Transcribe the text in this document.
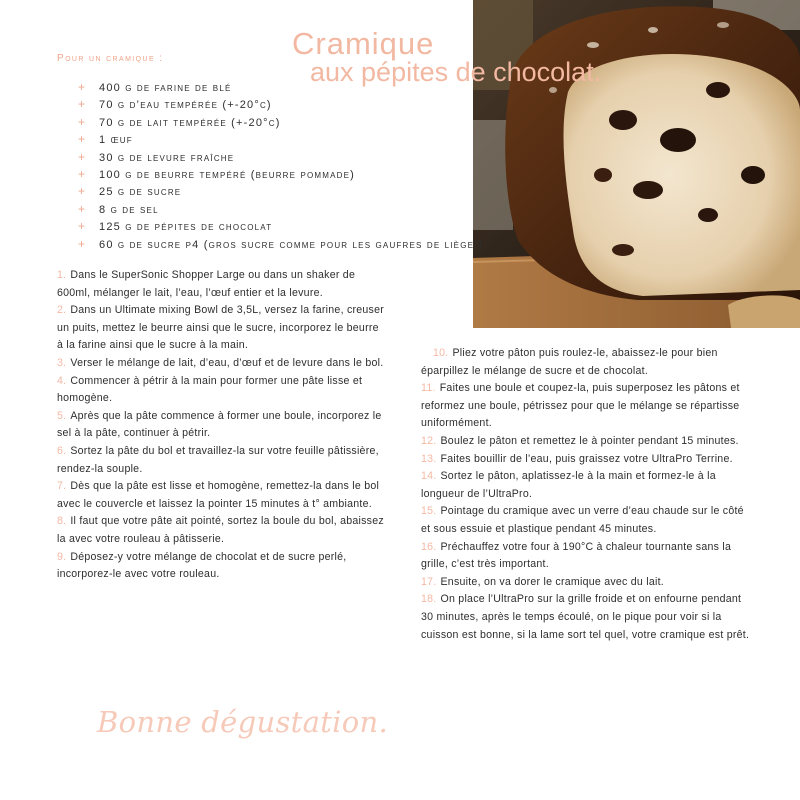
Cramique
aux pépites de chocolat.
Pour un cramique :
+ 400 g de farine de blé
+ 70 g d’eau tempérée (+-20°c)
+ 70 g de lait tempérée (+-20°c)
+ 1 œuf
+ 30 g de levure fraîche
+ 100 g de beurre tempéré (beurre pommade)
+ 25 g de sucre
+ 8 g de sel
+ 125 g de pépites de chocolat
+ 60 g de sucre p4 (gros sucre comme pour les gaufres de liège!)

1. Dans le SuperSonic Shopper Large ou dans un shaker de 600ml, mélanger le lait, l’eau, l’œuf entier et la levure.

2. Dans un Ultimate mixing Bowl de 3,5L, versez la farine, creuser un puits, mettez le beurre ainsi que le sucre, incorporez le beurre à la farine ainsi que le sucre à la main.

3. Verser le mélange de lait, d’eau, d’œuf et de levure dans le bol.

4. Commencer à pétrir à la main pour former une pâte lisse et homogène.

5. Après que la pâte commence à former une boule, incorporez le sel à la pâte, continuer à pétrir.

6. Sortez la pâte du bol et travaillez-la sur votre feuille pâtissière, rendez-la souple.

7. Dès que la pâte est lisse et homogène, remettez-la dans le bol avec le couvercle et laissez la pointer 15 minutes à t° ambiante.

8. Il faut que votre pâte ait pointé, sortez la boule du bol, abaissez la avec votre rouleau à pâtisserie.

9. Déposez-y votre mélange de chocolat et de sucre perlé, incorporez-le avec votre rouleau.

10. Pliez votre pâton puis roulez-le, abaissez-le pour bien éparpillez le mélange de sucre et de chocolat.

11. Faites une boule et coupez-la, puis superposez les pâtons et reformez une boule, pétrissez pour que le mélange se répartisse uniformément.

12. Boulez le pâton et remettez le à pointer pendant 15 minutes.

13. Faites bouillir de l’eau, puis graissez votre UltraPro Terrine.

14. Sortez le pâton, aplatissez-le à la main et formez-le à la longueur de l’UltraPro.

15. Pointage du cramique avec un verre d’eau chaude sur le côté et sous essuie et plastique pendant 45 minutes.

16. Préchauffez votre four à 190°C à chaleur tournante sans la grille, c’est très important.

17. Ensuite, on va dorer le cramique avec du lait.

18. On place l’UltraPro sur la grille froide et on enfourne pendant 30 minutes, après le temps écoulé, on le pique pour voir si la cuisson est bonne, si la lame sort tel quel, votre cramique est prêt.

Bonne dégustation.
